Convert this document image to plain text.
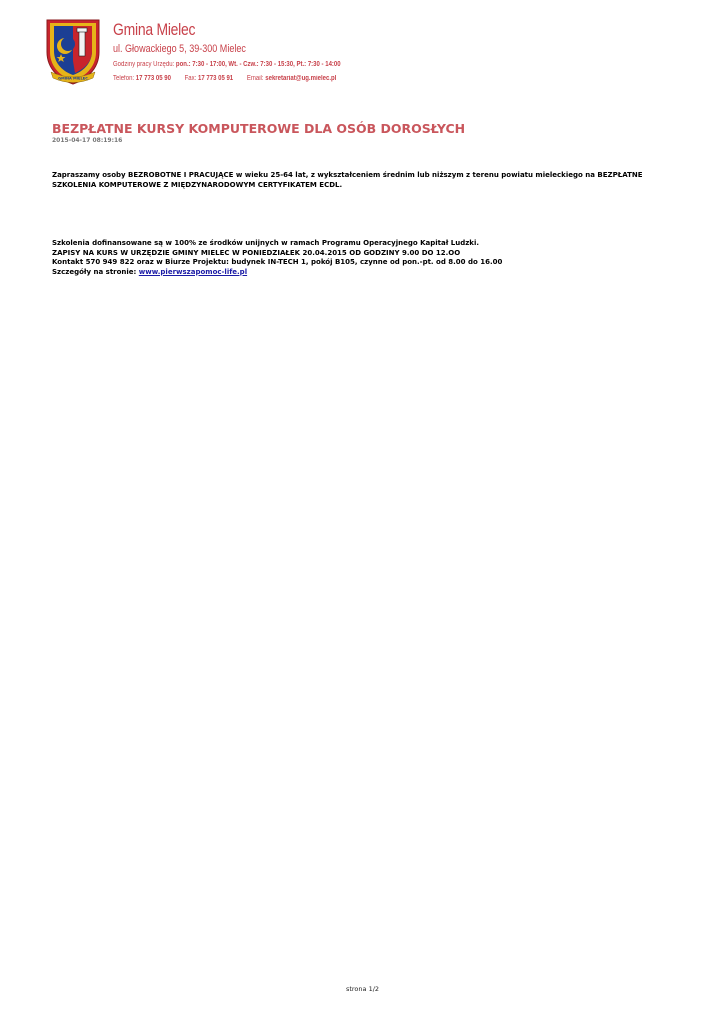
GMINA MIELEC
Gmina Mielec
ul. Głowackiego 5, 39-300 Mielec
Godziny pracy Urzędu: pon.: 7:30 - 17:00, Wt. - Czw.: 7:30 - 15:30, Pt.: 7:30 - 14:00
Telefon: 17 773 05 90 Fax: 17 773 05 91 Email: sekretariat@ug.mielec.pl
BEZPŁATNE KURSY KOMPUTEROWE DLA OSÓB DOROSŁYCH
2015-04-17 08:19:16
Zapraszamy osoby BEZROBOTNE I PRACUJĄCE w wieku 25-64 lat, z wykształceniem średnim lub niższym z terenu powiatu mieleckiego na BEZPŁATNE SZKOLENIA KOMPUTEROWE Z MIĘDZYNARODOWYM CERTYFIKATEM ECDL.
Szkolenia dofinansowane są w 100% ze środków unijnych w ramach Programu Operacyjnego Kapitał Ludzki.
ZAPISY NA KURS W URZĘDZIE GMINY MIELEC W PONIEDZIAŁEK 20.04.2015 OD GODZINY 9.00 DO 12.OO
Kontakt 570 949 822 oraz w Biurze Projektu: budynek IN-TECH 1, pokój B105, czynne od pon.-pt. od 8.00 do 16.00
Szczegóły na stronie: www.pierwszapomoc-life.pl
strona 1/2
